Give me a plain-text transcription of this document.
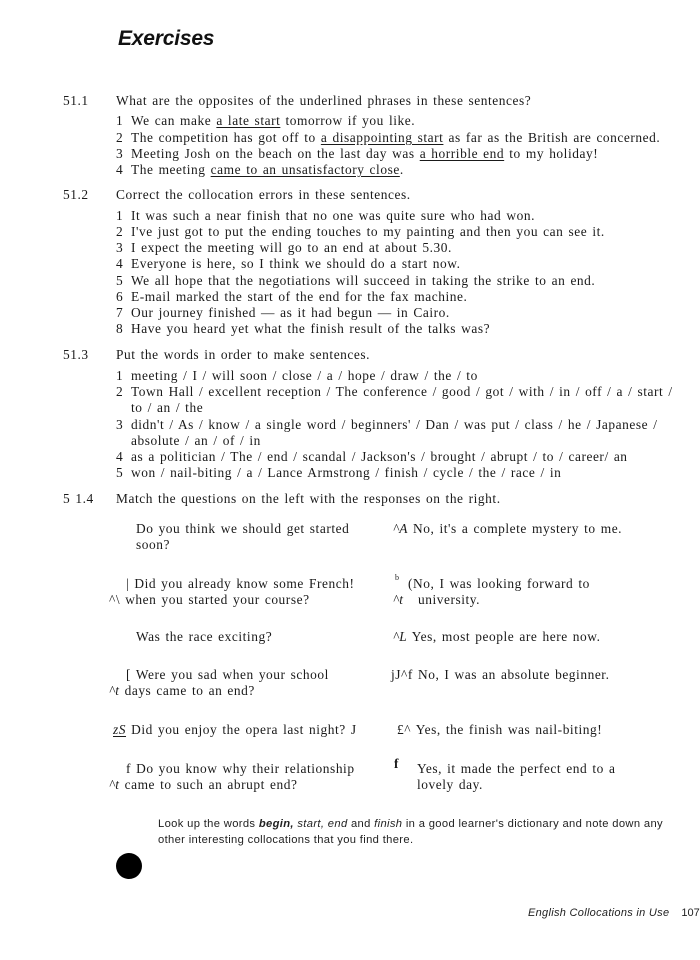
Exercises
51.1 What are the opposites of the underlined phrases in these sentences?
1 We can make a late start tomorrow if you like.
2 The competition has got off to a disappointing start as far as the British are concerned.
3 Meeting Josh on the beach on the last day was a horrible end to my holiday!
4 The meeting came to an unsatisfactory close.
51.2 Correct the collocation errors in these sentences.
1 It was such a near finish that no one was quite sure who had won.
2 I've just got to put the ending touches to my painting and then you can see it.
3 I expect the meeting will go to an end at about 5.30.
4 Everyone is here, so I think we should do a start now.
5 We all hope that the negotiations will succeed in taking the strike to an end.
6 E-mail marked the start of the end for the fax machine.
7 Our journey finished — as it had begun — in Cairo.
8 Have you heard yet what the finish result of the talks was?
51.3 Put the words in order to make sentences.
1 meeting / I / will soon / close / a / hope / draw / the / to
2 Town Hall / excellent reception / The conference / good / got / with / in / off / a / start /
to / an / the
3 didn't / As / know / a single word / beginners' / Dan / was put / class / he / Japanese /
absolute / an / of / in
4 as a politician / The / end / scandal / Jackson's / brought / abrupt / to / career/ an
5 won / nail-biting / a / Lance Armstrong / finish / cycle / the / race / in
5 1.4 Match the questions on the left with the responses on the right.
Do you think we should get started
soon?
| Did you already know some French!
^\ when you started your course?
Was the race exciting?
[ Were you sad when your school
^t days came to an end?
zS Did you enjoy the opera last night? J
f Do you know why their relationship
^t came to such an abrupt end?
^A No, it's a complete mystery to me.
b (No, I was looking forward to
^t university.
^L Yes, most people are here now.
jJ^f No, I was an absolute beginner.
£^ Yes, the finish was nail-biting!
f Yes, it made the perfect end to a
lovely day.
Look up the words begin, start, end and finish in a good learner's dictionary and note down any other interesting collocations that you find there.
English Collocations in Use 107
